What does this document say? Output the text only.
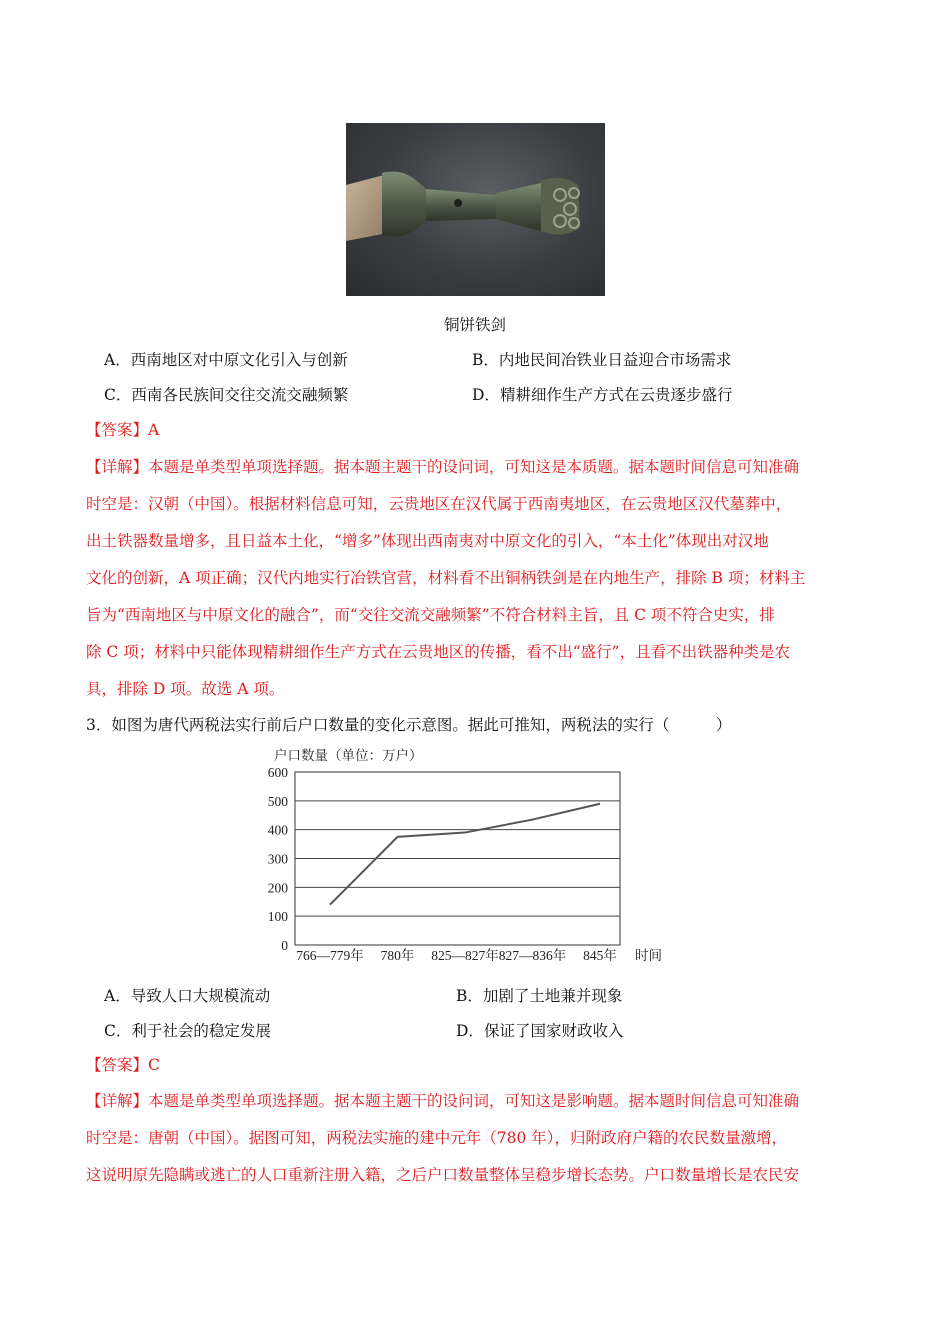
铜饼铁剑
A．西南地区对中原文化引入与创新	B．内地民间冶铁业日益迎合市场需求
C．西南各民族间交往交流交融频繁	D．精耕细作生产方式在云贵逐步盛行
【答案】A
【详解】本题是单类型单项选择题。据本题主题干的设问词，可知这是本质题。据本题时间信息可知准确
时空是：汉朝（中国）。根据材料信息可知，云贵地区在汉代属于西南夷地区，在云贵地区汉代墓葬中，
出土铁器数量增多，且日益本土化，“增多”体现出西南夷对中原文化的引入，“本土化”体现出对汉地
文化的创新，A 项正确；汉代内地实行冶铁官营，材料看不出铜柄铁剑是在内地生产，排除 B 项；材料主
旨为“西南地区与中原文化的融合”，而“交往交流交融频繁”不符合材料主旨，且 C 项不符合史实，排
除 C 项；材料中只能体现精耕细作生产方式在云贵地区的传播，看不出“盛行”，且看不出铁器种类是农
具，排除 D 项。故选 A 项。
3．如图为唐代两税法实行前后户口数量的变化示意图。据此可推知，两税法的实行（　　　）
户口数量（单位：万户）
0
100
200
300
400
500
600
766—779年 780年 825—827年 827—836年 845年 时间
A．导致人口大规模流动	B．加剧了土地兼并现象
C．利于社会的稳定发展	D．保证了国家财政收入
【答案】C
【详解】本题是单类型单项选择题。据本题主题干的设问词，可知这是影响题。据本题时间信息可知准确
时空是：唐朝（中国）。据图可知，两税法实施的建中元年（780 年），归附政府户籍的农民数量激增，
这说明原先隐瞒或逃亡的人口重新注册入籍，之后户口数量整体呈稳步增长态势。户口数量增长是农民安
